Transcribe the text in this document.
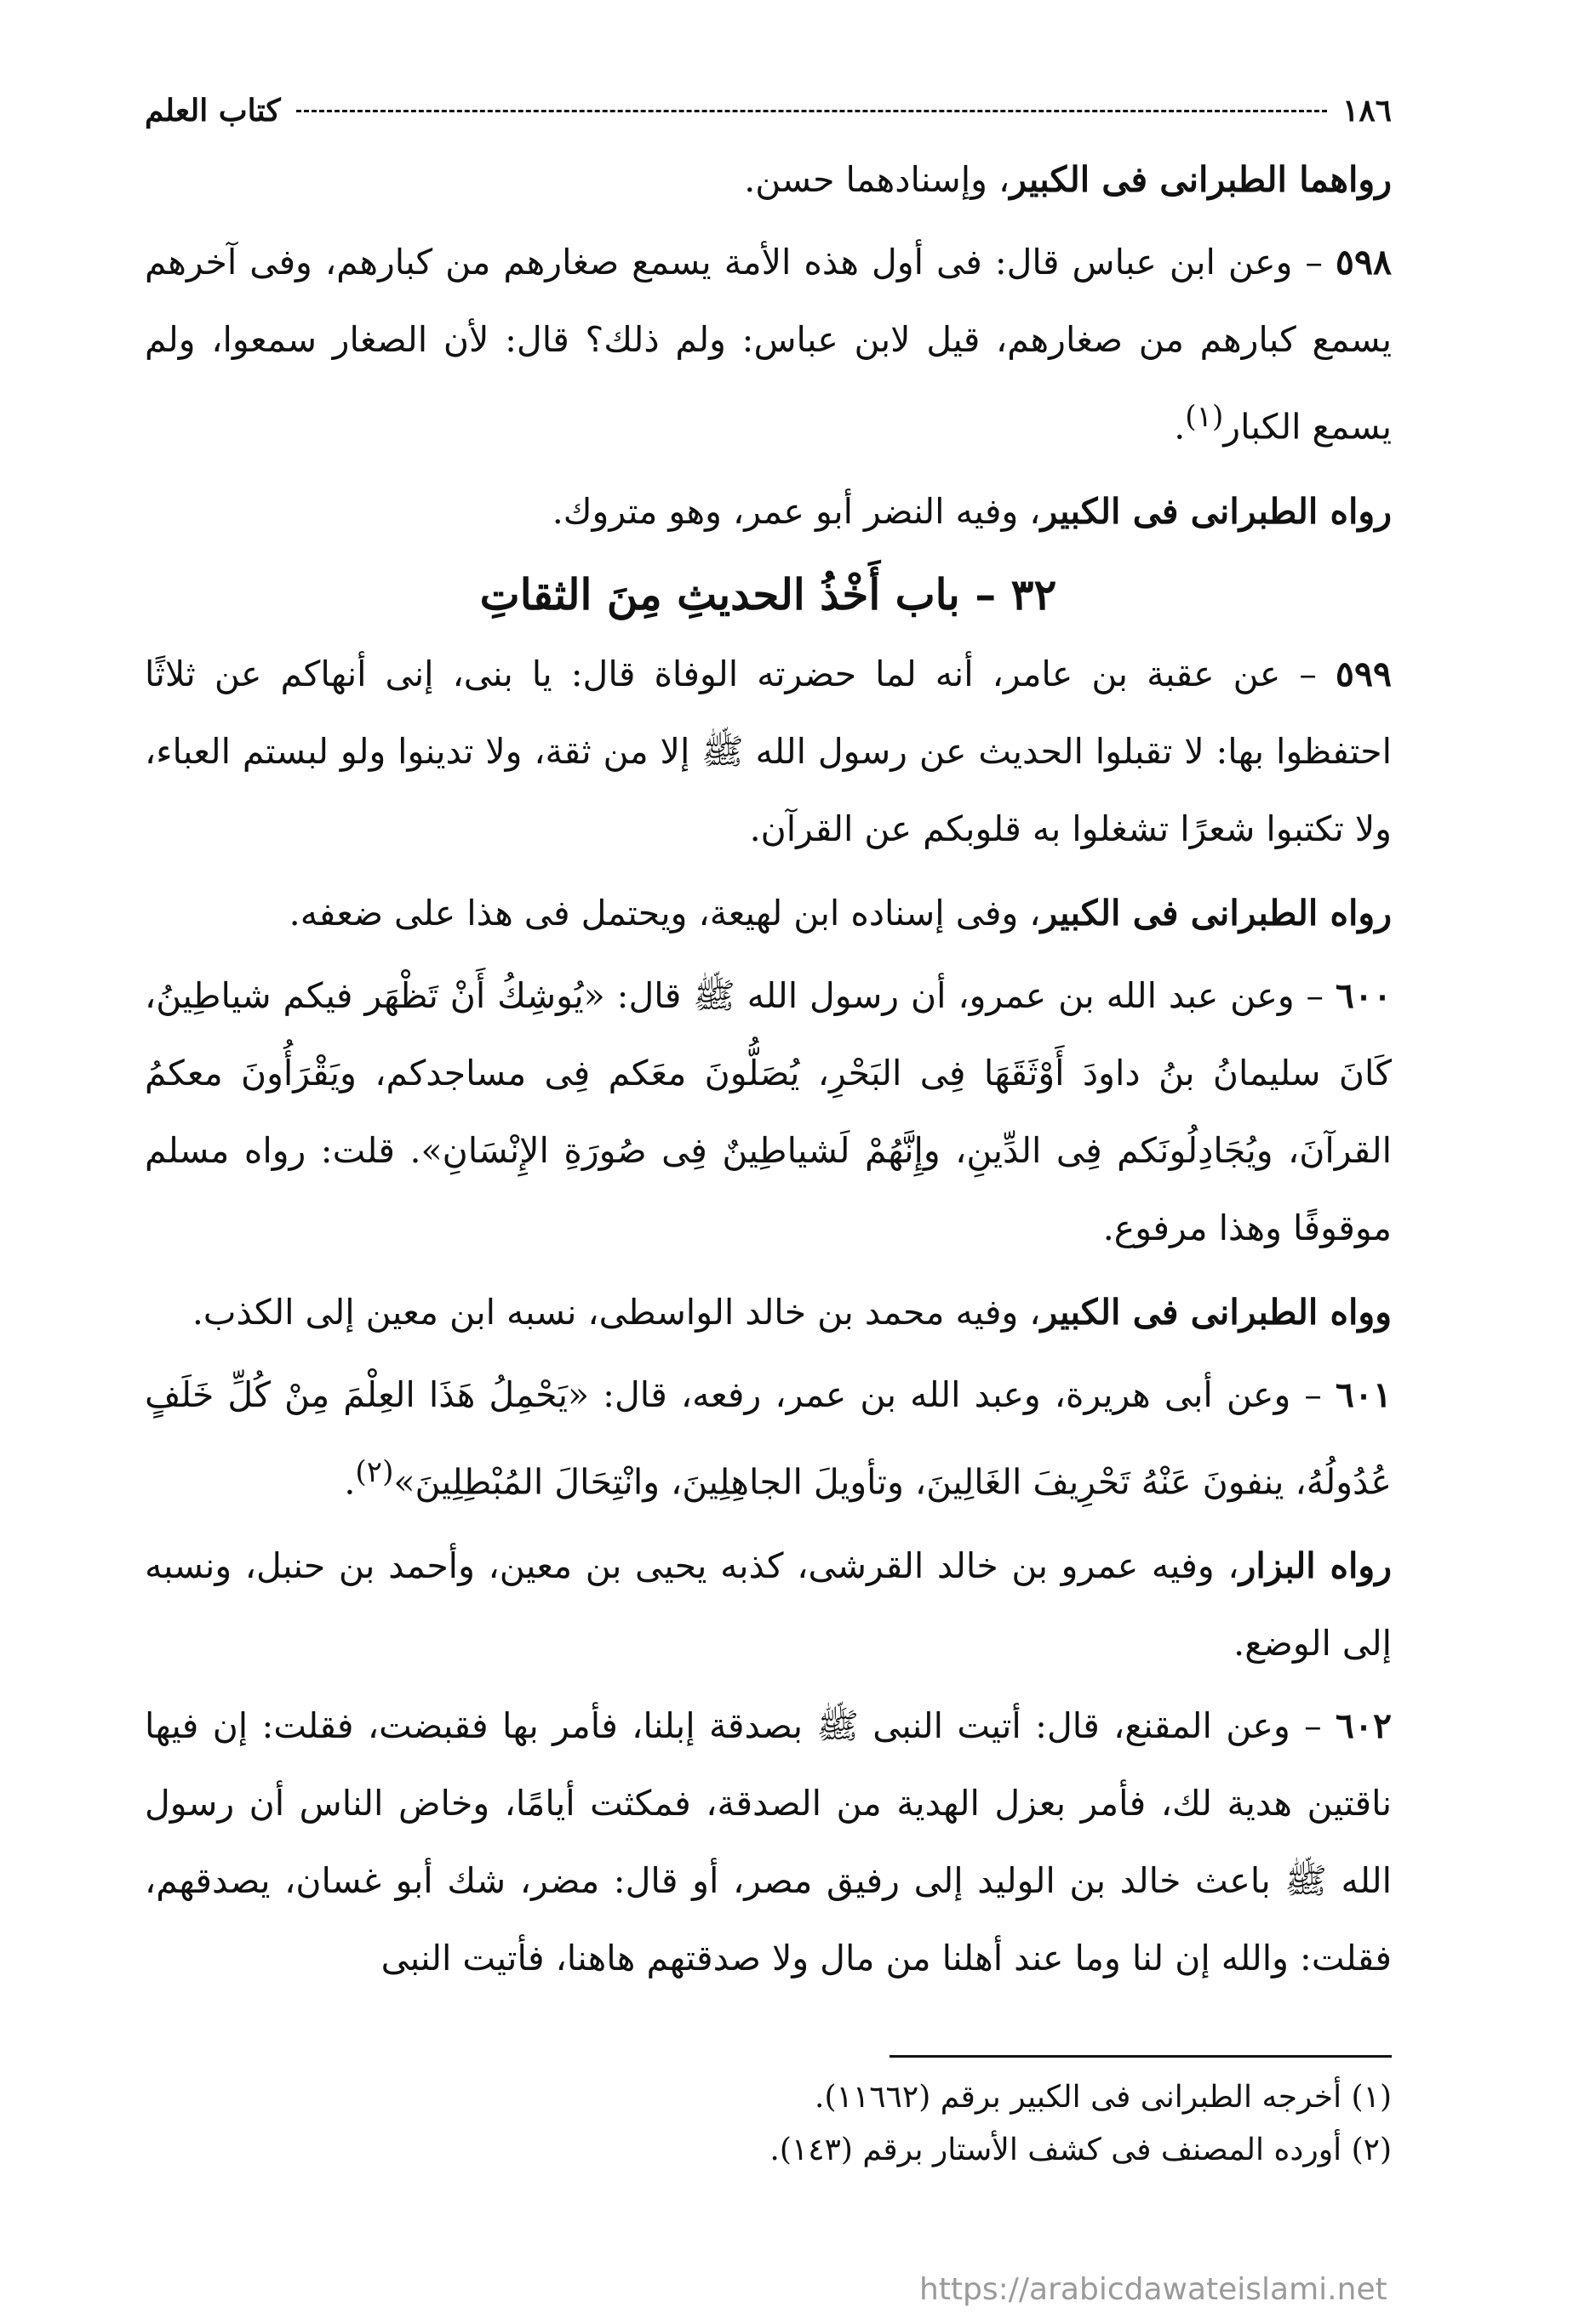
١٨٦
كتاب العلم

رواهما الطبرانى فى الكبير، وإسنادهما حسن.

٥٩٨ – وعن ابن عباس قال: فى أول هذه الأمة يسمع صغارهم من كبارهم، وفى آخرهم يسمع كبارهم من صغارهم، قيل لابن عباس: ولم ذلك؟ قال: لأن الصغار سمعوا، ولم يسمع الكبار$^{(١)}$.

رواه الطبرانى فى الكبير، وفيه النضر أبو عمر، وهو متروك.

٣٢ – باب أَخْذُ الحديثِ مِنَ الثقاتِ

٥٩٩ – عن عقبة بن عامر، أنه لما حضرته الوفاة قال: يا بنى، إنى أنهاكم عن ثلاثًا احتفظوا بها: لا تقبلوا الحديث عن رسول الله ﷺ إلا من ثقة، ولا تدينوا ولو لبستم العباء، ولا تكتبوا شعرًا تشغلوا به قلوبكم عن القرآن.

رواه الطبرانى فى الكبير، وفى إسناده ابن لهيعة، ويحتمل فى هذا على ضعفه.

٦٠٠ – وعن عبد الله بن عمرو، أن رسول الله ﷺ قال: «يُوشِكُ أَنْ تَظْهَر فيكم شياطِينُ، كَانَ سليمانُ بنُ داودَ أَوْثَقَهَا فِى البَحْرِ، يُصَلُّونَ معَكم فِى مساجدكم، ويَقْرَأُونَ معكمُ القرآنَ، ويُجَادِلُونَكم فِى الدِّينِ، وإِنَّهُمْ لَشياطِينٌ فِى صُورَةِ الإِنْسَانِ». قلت: رواه مسلم موقوفًا وهذا مرفوع.

وواه الطبرانى فى الكبير، وفيه محمد بن خالد الواسطى، نسبه ابن معين إلى الكذب.

٦٠١ – وعن أبى هريرة، وعبد الله بن عمر، رفعه، قال: «يَحْمِلُ هَذَا العِلْمَ مِنْ كُلِّ خَلَفٍ عُدُولُهُ، ينفونَ عَنْهُ تَحْرِيفَ الغَالِينَ، وتأويلَ الجاهِلِينَ، وانْتِحَالَ المُبْطِلِينَ»$^{(٢)}$.

رواه البزار، وفيه عمرو بن خالد القرشى، كذبه يحيى بن معين، وأحمد بن حنبل، ونسبه إلى الوضع.

٦٠٢ – وعن المقنع، قال: أتيت النبى ﷺ بصدقة إبلنا، فأمر بها فقبضت، فقلت: إن فيها ناقتين هدية لك، فأمر بعزل الهدية من الصدقة، فمكثت أيامًا، وخاض الناس أن رسول الله ﷺ باعث خالد بن الوليد إلى رفيق مصر، أو قال: مضر، شك أبو غسان، يصدقهم، فقلت: والله إن لنا وما عند أهلنا من مال ولا صدقتهم هاهنا، فأتيت النبى

(١) أخرجه الطبرانى فى الكبير برقم (١١٦٦٢).

(٢) أورده المصنف فى كشف الأستار برقم (١٤٣).

https://arabicdawateislami.net
